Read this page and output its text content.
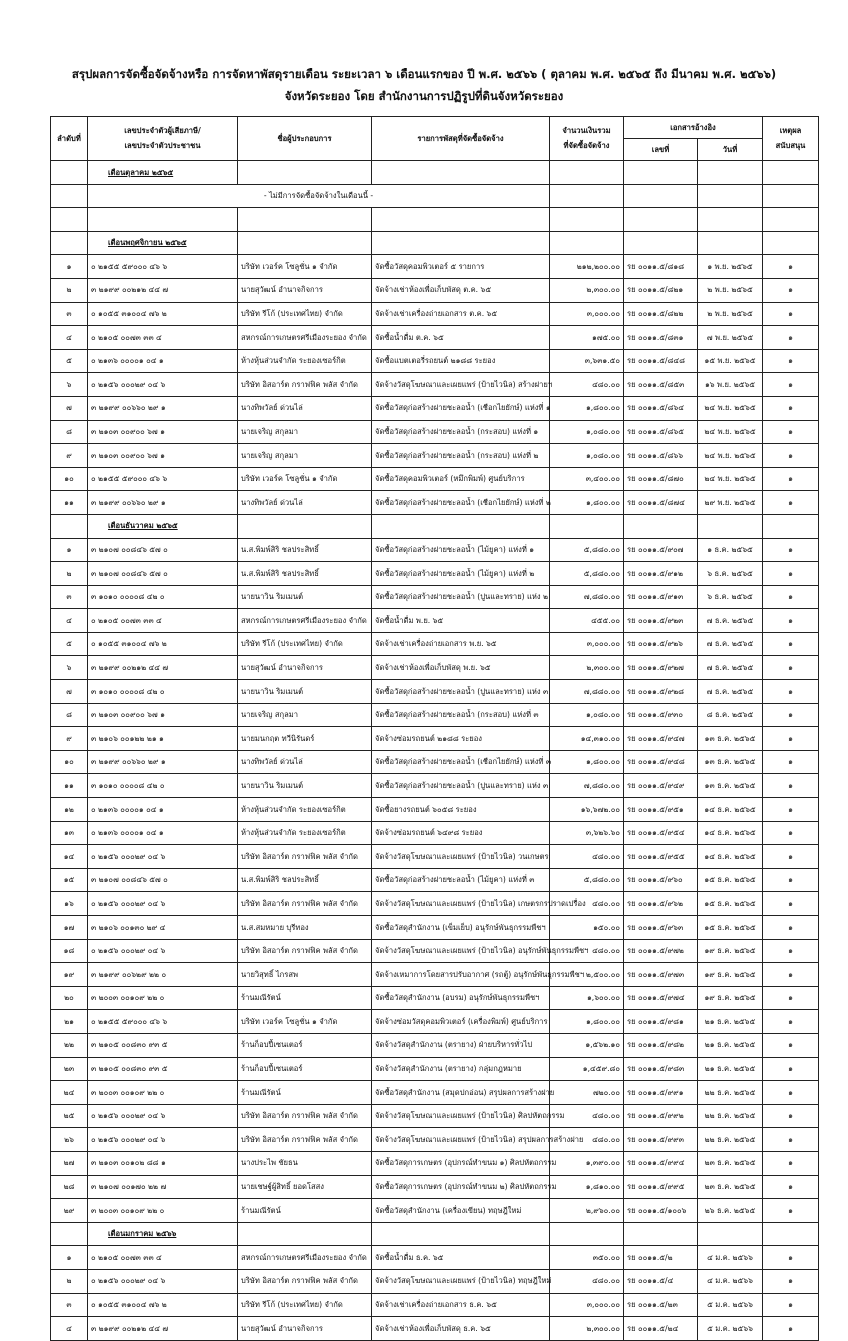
สรุปผลการจัดซื้อจัดจ้างหรือ การจัดหาพัสดุรายเดือน ระยะเวลา ๖ เดือนแรกของ ปี พ.ศ. ๒๕๖๖ ( ตุลาคม พ.ศ. ๒๕๖๕ ถึง มีนาคม พ.ศ. ๒๕๖๖)
จังหวัดระยอง โดย สำนักงานการปฏิรูปที่ดินจังหวัดระยอง
ลำดับที่	เลขประจำตัวผู้เสียภาษี/

เลขประจำตัวประชาชน	ชื่อผู้ประกอบการ	รายการพัสดุที่จัดซื้อจัดจ้าง	จำนวนเงินรวม

ที่จัดซื้อจัดจ้าง	เอกสารอ้างอิง		เหตุผล

สนับสนุน
					เลขที่	วันที่	
	เดือนตุลาคม ๒๕๖๕						
	- ไม่มีการจัดซื้อจัดจ้างในเดือนนี้ -						

	เดือนพฤศจิกายน ๒๕๖๕						
๑	๐ ๒๑๕๕ ๕๙๐๐๐ ๔๖ ๖	บริษัท เวอร์ค โซลูชั่น ๑ จำกัด	จัดซื้อวัสดุคอมพิวเตอร์ ๕ รายการ	๒๑๒,๒๐๐.๐๐	รย ๐๐๑๑.๕/๘๑๘	๑ พ.ย. ๒๕๖๕	๑
๒	๓ ๒๑๙๙ ๐๐๒๑๒ ๔๔ ๗	นายสุวัฒน์ อำนาจกิจการ	จัดจ้างเช่าห้องเพื่อเก็บพัสดุ ต.ค. ๖๕	๒,๓๐๐.๐๐	รย ๐๐๑๑.๕/๘๒๑	๒ พ.ย. ๒๕๖๕	๑
๓	๐ ๑๐๕๕ ๓๑๐๐๔ ๗๖ ๒	บริษัท รีโก้ (ประเทศไทย) จำกัด	จัดจ้างเช่าเครื่องถ่ายเอกสาร ต.ค. ๖๕	๓,๐๐๐.๐๐	รย ๐๐๑๑.๕/๘๒๒	๒ พ.ย. ๒๕๖๕	๑
๔	๐ ๒๑๐๕ ๐๐๗๓ ๓๓ ๔	สหกรณ์การเกษตรศรีเมืองระยอง จำกัด	จัดซื้อน้ำดื่ม ต.ค. ๖๕	๑๗๕.๐๐	รย ๐๐๑๑.๕/๘๓๑	๗ พ.ย. ๒๕๖๕	๑
๕	๐ ๒๑๓๖ ๐๐๐๐๑ ๐๔ ๑	ห้างหุ้นส่วนจำกัด ระยองเซอร์กิต	จัดซื้อแบตเตอรี่รถยนต์ ๒๑๘๘ ระยอง	๓,๖๓๑.๕๐	รย ๐๐๑๑.๕/๘๔๘	๑๕ พ.ย. ๒๕๖๕	๑
๖	๐ ๒๑๕๖ ๐๐๐๒๙ ๐๔ ๖	บริษัท อิสอาร์ต กราฟฟิค พลัส จำกัด	จัดจ้างวัสดุโฆษณาและเผยแพร่ (ป้ายไวนิล) สร้างฝายฯ	๔๘๐.๐๐	รย ๐๐๑๑.๕/๘๕๓	๑๖ พ.ย. ๒๕๖๕	๑
๗	๓ ๒๑๙๙ ๐๐๖๖๐ ๒๙ ๑	นางทิพวัลย์ ด่วนไล่	จัดซื้อวัสดุก่อสร้างฝายชะลอน้ำ (เชือกไยยักษ์) แห่งที่ ๑	๑,๘๐๐.๐๐	รย ๐๐๑๑.๕/๘๖๔	๒๔ พ.ย. ๒๕๖๕	๑
๘	๓ ๒๑๐๓ ๐๐๙๐๐ ๖๗ ๑	นายเจริญ สกุลมา	จัดซื้อวัสดุก่อสร้างฝายชะลอน้ำ (กระสอบ) แห่งที่ ๑	๑,๐๘๐.๐๐	รย ๐๐๑๑.๕/๘๖๕	๒๔ พ.ย. ๒๕๖๕	๑
๙	๓ ๒๑๐๓ ๐๐๙๐๐ ๖๗ ๑	นายเจริญ สกุลมา	จัดซื้อวัสดุก่อสร้างฝายชะลอน้ำ (กระสอบ) แห่งที่ ๒	๑,๐๘๐.๐๐	รย ๐๐๑๑.๕/๘๖๖	๒๔ พ.ย. ๒๕๖๕	๑
๑๐	๐ ๒๑๕๕ ๕๙๐๐๐ ๔๖ ๖	บริษัท เวอร์ค โซลูชั่น ๑ จำกัด	จัดซื้อวัสดุคอมพิวเตอร์ (หมึกพิมพ์) ศูนย์บริการ	๓,๔๐๐.๐๐	รย ๐๐๑๑.๕/๘๗๐	๒๔ พ.ย. ๒๕๖๕	๑
๑๑	๓ ๒๑๙๙ ๐๐๖๖๐ ๒๙ ๑	นางทิพวัลย์ ด่วนไล่	จัดซื้อวัสดุก่อสร้างฝายชะลอน้ำ (เชือกไยยักษ์) แห่งที่ ๒	๑,๘๐๐.๐๐	รย ๐๐๑๑.๕/๘๗๔	๒๙ พ.ย. ๒๕๖๕	๑
	เดือนธันวาคม ๒๕๖๕						
๑	๓ ๒๑๐๗ ๐๐๘๔๖ ๕๗ ๐	น.ส.พิมพ์สิริ ชลประสิทธิ์	จัดซื้อวัสดุก่อสร้างฝายชะลอน้ำ (ไม้ยูคา) แห่งที่ ๑	๕,๘๘๐.๐๐	รย ๐๐๑๑.๕/๙๐๗	๑ ธ.ค. ๒๕๖๕	๑
๒	๓ ๒๑๐๗ ๐๐๘๔๖ ๕๗ ๐	น.ส.พิมพ์สิริ ชลประสิทธิ์	จัดซื้อวัสดุก่อสร้างฝายชะลอน้ำ (ไม้ยูคา) แห่งที่ ๒	๕,๘๘๐.๐๐	รย ๐๐๑๑.๕/๙๑๒	๖ ธ.ค. ๒๕๖๕	๑
๓	๓ ๑๐๑๐ ๐๐๐๐๘ ๔๒ ๐	นายนาวิน ริมเมนต์	จัดซื้อวัสดุก่อสร้างฝายชะลอน้ำ (ปูนและทราย) แห่ง ๒	๗,๘๘๐.๐๐	รย ๐๐๑๑.๕/๙๑๓	๖ ธ.ค. ๒๕๖๕	๑
๔	๐ ๒๑๐๕ ๐๐๗๓ ๓๓ ๔	สหกรณ์การเกษตรศรีเมืองระยอง จำกัด	จัดซื้อน้ำดื่ม พ.ย. ๖๕	๔๕๕.๐๐	รย ๐๐๑๑.๕/๙๒๓	๗ ธ.ค. ๒๕๖๕	๑
๕	๐ ๑๐๕๕ ๓๑๐๐๔ ๗๖ ๒	บริษัท รีโก้ (ประเทศไทย) จำกัด	จัดจ้างเช่าเครื่องถ่ายเอกสาร พ.ย. ๖๕	๓,๐๐๐.๐๐	รย ๐๐๑๑.๕/๙๒๖	๗ ธ.ค. ๒๕๖๕	๑
๖	๓ ๒๑๙๙ ๐๐๒๑๒ ๔๔ ๗	นายสุวัฒน์ อำนาจกิจการ	จัดจ้างเช่าห้องเพื่อเก็บพัสดุ พ.ย. ๖๕	๒,๓๐๐.๐๐	รย ๐๐๑๑.๕/๙๒๗	๗ ธ.ค. ๒๕๖๕	๑
๗	๓ ๑๐๑๐ ๐๐๐๐๘ ๔๒ ๐	นายนาวิน ริมเมนต์	จัดซื้อวัสดุก่อสร้างฝายชะลอน้ำ (ปูนและทราย) แห่ง ๓	๗,๘๘๐.๐๐	รย ๐๐๑๑.๕/๙๒๘	๗ ธ.ค. ๒๕๖๕	๑
๘	๓ ๒๑๐๓ ๐๐๙๐๐ ๖๗ ๑	นายเจริญ สกุลมา	จัดซื้อวัสดุก่อสร้างฝายชะลอน้ำ (กระสอบ) แห่งที่ ๓	๑,๐๘๐.๐๐	รย ๐๐๑๑.๕/๙๓๐	๘ ธ.ค. ๒๕๖๕	๑
๙	๓ ๒๑๐๖ ๐๐๑๒๒ ๒๑ ๑	นายมนกฤต ทวีนิรันดร์	จัดจ้างซ่อมรถยนต์ ๒๑๘๘ ระยอง	๑๔,๓๑๐.๐๐	รย ๐๐๑๑.๕/๙๔๗	๑๓ ธ.ค. ๒๕๖๕	๑
๑๐	๓ ๒๑๙๙ ๐๐๖๖๐ ๒๙ ๑	นางทิพวัลย์ ด่วนไล่	จัดซื้อวัสดุก่อสร้างฝายชะลอน้ำ (เชือกไยยักษ์) แห่งที่ ๓	๑,๘๐๐.๐๐	รย ๐๐๑๑.๕/๙๔๘	๑๓ ธ.ค. ๒๕๖๕	๑
๑๑	๓ ๑๐๑๐ ๐๐๐๐๘ ๔๒ ๐	นายนาวิน ริมเมนต์	จัดซื้อวัสดุก่อสร้างฝายชะลอน้ำ (ปูนและทราย) แห่ง ๓	๗,๘๘๐.๐๐	รย ๐๐๑๑.๕/๙๔๙	๑๓ ธ.ค. ๒๕๖๕	๑
๑๒	๐ ๒๑๓๖ ๐๐๐๐๑ ๐๔ ๑	ห้างหุ้นส่วนจำกัด ระยองเซอร์กิต	จัดซื้อยางรถยนต์ ๖๐๕๘ ระยอง	๑๖,๖๗๒.๐๐	รย ๐๐๑๑.๕/๙๕๑	๑๔ ธ.ค. ๒๕๖๕	๑
๑๓	๐ ๒๑๓๖ ๐๐๐๐๑ ๐๔ ๑	ห้างหุ้นส่วนจำกัด ระยองเซอร์กิต	จัดจ้างซ่อมรถยนต์ ๖๔๙๘ ระยอง	๓,๖๒๖.๖๐	รย ๐๐๑๑.๕/๙๕๔	๑๔ ธ.ค. ๒๕๖๕	๑
๑๔	๐ ๒๑๕๖ ๐๐๐๒๙ ๐๔ ๖	บริษัท อิสอาร์ต กราฟฟิค พลัส จำกัด	จัดจ้างวัสดุโฆษณาและเผยแพร่ (ป้ายไวนิล) วนเกษตร	๔๘๐.๐๐	รย ๐๐๑๑.๕/๙๕๕	๑๔ ธ.ค. ๒๕๖๕	๑
๑๕	๓ ๒๑๐๗ ๐๐๘๔๖ ๕๗ ๐	น.ส.พิมพ์สิริ ชลประสิทธิ์	จัดซื้อวัสดุก่อสร้างฝายชะลอน้ำ (ไม้ยูคา) แห่งที่ ๓	๕,๘๘๐.๐๐	รย ๐๐๑๑.๕/๙๖๐	๑๕ ธ.ค. ๒๕๖๕	๑
๑๖	๐ ๒๑๕๖ ๐๐๐๒๙ ๐๔ ๖	บริษัท อิสอาร์ต กราฟฟิค พลัส จำกัด	จัดจ้างวัสดุโฆษณาและเผยแพร่ (ป้ายไวนิล) เกษตรกรปราดเปรื่อง	๔๘๐.๐๐	รย ๐๐๑๑.๕/๙๖๒	๑๕ ธ.ค. ๒๕๖๕	๑
๑๗	๓ ๒๑๐๖ ๐๐๑๓๐ ๒๙ ๔	น.ส.สมหมาย บุรีทอง	จัดซื้อวัสดุสำนักงาน (เข็มเย็บ) อนุรักษ์พันธุกรรมพืชฯ	๑๕๐.๐๐	รย ๐๐๑๑.๕/๙๖๓	๑๕ ธ.ค. ๒๕๖๕	๑
๑๘	๐ ๒๑๕๖ ๐๐๐๒๙ ๐๔ ๖	บริษัท อิสอาร์ต กราฟฟิค พลัส จำกัด	จัดจ้างวัสดุโฆษณาและเผยแพร่ (ป้ายไวนิล) อนุรักษ์พันธุกรรมพืชฯ	๔๘๐.๐๐	รย ๐๐๑๑.๕/๙๗๒	๑๙ ธ.ค. ๒๕๖๕	๑
๑๙	๓ ๒๑๙๙ ๐๐๖๒๙ ๒๒ ๐	นายวิสุทธิ์ ไกรสพ	จัดจ้างเหมาการโดยสารปรับอากาศ (รถตู้) อนุรักษ์พันธุกรรมพืชฯ	๒,๕๐๐.๐๐	รย ๐๐๑๑.๕/๙๗๓	๑๙ ธ.ค. ๒๕๖๕	๑
๒๐	๓ ๒๐๐๓ ๐๐๑๐๙ ๒๒ ๐	ร้านมณีรัตน์	จัดซื้อวัสดุสำนักงาน (อบรม) อนุรักษ์พันธุกรรมพืชฯ	๑,๖๐๐.๐๐	รย ๐๐๑๑.๕/๙๗๔	๑๙ ธ.ค. ๒๕๖๕	๑
๒๑	๐ ๒๑๕๕ ๕๙๐๐๐ ๔๖ ๖	บริษัท เวอร์ค โซลูชั่น ๑ จำกัด	จัดจ้างซ่อมวัสดุคอมพิวเตอร์ (เครื่องพิมพ์) ศูนย์บริการ	๑,๘๐๐.๐๐	รย ๐๐๑๑.๕/๙๘๑	๒๑ ธ.ค. ๒๕๖๕	๑
๒๒	๓ ๒๑๐๕ ๐๐๘๓๐ ๙๓ ๕	ร้านก็อบปี้เซนเตอร์	จัดจ้างวัสดุสำนักงาน (ตรายาง) ฝ่ายบริหารทั่วไป	๑,๕๖๒.๑๐	รย ๐๐๑๑.๕/๙๘๒	๒๑ ธ.ค. ๒๕๖๕	๑
๒๓	๓ ๒๑๐๕ ๐๐๘๓๐ ๙๓ ๕	ร้านก็อบปี้เซนเตอร์	จัดจ้างวัสดุสำนักงาน (ตรายาง) กลุ่มกฎหมาย	๑,๔๕๙.๘๐	รย ๐๐๑๑.๕/๙๘๓	๒๑ ธ.ค. ๒๕๖๕	๑
๒๔	๓ ๒๐๐๓ ๐๐๑๐๙ ๒๒ ๐	ร้านมณีรัตน์	จัดซื้อวัสดุสำนักงาน (สมุดปกอ่อน) สรุปผลการสร้างฝาย	๗๒๐.๐๐	รย ๐๐๑๑.๕/๙๙๑	๒๒ ธ.ค. ๒๕๖๕	๑
๒๕	๐ ๒๑๕๖ ๐๐๐๒๙ ๐๔ ๖	บริษัท อิสอาร์ต กราฟฟิค พลัส จำกัด	จัดจ้างวัสดุโฆษณาและเผยแพร่ (ป้ายไวนิล) ศิลปหัตถกรรม	๔๘๐.๐๐	รย ๐๐๑๑.๕/๙๙๒	๒๒ ธ.ค. ๒๕๖๕	๑
๒๖	๐ ๒๑๕๖ ๐๐๐๒๙ ๐๔ ๖	บริษัท อิสอาร์ต กราฟฟิค พลัส จำกัด	จัดจ้างวัสดุโฆษณาและเผยแพร่ (ป้ายไวนิล) สรุปผลการสร้างฝาย	๔๘๐.๐๐	รย ๐๐๑๑.๕/๙๙๓	๒๒ ธ.ค. ๒๕๖๕	๑
๒๗	๓ ๒๑๐๓ ๐๐๑๐๒ ๘๘ ๑	นางประไพ ชัยธน	จัดซื้อวัสดุการเกษตร (อุปกรณ์ทำขนม ๑) ศิลปหัตถกรรม	๑,๓๙๐.๐๐	รย ๐๐๑๑.๕/๙๙๔	๒๓ ธ.ค. ๒๕๖๕	๑
๒๘	๓ ๒๑๐๗ ๐๐๑๗๐ ๒๒ ๗	นายเชษฐ์ผู้สิทธิ์ ยอดโสสง	จัดซื้อวัสดุการเกษตร (อุปกรณ์ทำขนม ๒) ศิลปหัตถกรรม	๑,๘๑๐.๐๐	รย ๐๐๑๑.๕/๙๙๕	๒๓ ธ.ค. ๒๕๖๕	๑
๒๙	๓ ๒๐๐๓ ๐๐๑๐๙ ๒๒ ๐	ร้านมณีรัตน์	จัดซื้อวัสดุสำนักงาน (เครื่องเขียน) ทฤษฎีใหม่	๒,๙๖๐.๐๐	รย ๐๐๑๑.๕/๑๐๐๖	๒๖ ธ.ค. ๒๕๖๕	๑
	เดือนมกราคม ๒๕๖๖						
๑	๐ ๒๑๐๕ ๐๐๗๓ ๓๓ ๔	สหกรณ์การเกษตรศรีเมืองระยอง จำกัด	จัดซื้อน้ำดื่ม ธ.ค. ๖๕	๓๕๐.๐๐	รย ๐๐๑๑.๕/๒	๔ ม.ค. ๒๕๖๖	๑
๒	๐ ๒๑๕๖ ๐๐๐๒๙ ๐๔ ๖	บริษัท อิสอาร์ต กราฟฟิค พลัส จำกัด	จัดจ้างวัสดุโฆษณาและเผยแพร่ (ป้ายไวนิล) ทฤษฎีใหม่	๔๘๐.๐๐	รย ๐๐๑๑.๕/๔	๔ ม.ค. ๒๕๖๖	๑
๓	๐ ๑๐๕๕ ๓๑๐๐๔ ๗๖ ๒	บริษัท รีโก้ (ประเทศไทย) จำกัด	จัดจ้างเช่าเครื่องถ่ายเอกสาร ธ.ค. ๖๕	๓,๐๐๐.๐๐	รย ๐๐๑๑.๕/๒๓	๕ ม.ค. ๒๕๖๖	๑
๔	๓ ๒๑๙๙ ๐๐๒๑๒ ๔๔ ๗	นายสุวัฒน์ อำนาจกิจการ	จัดจ้างเช่าห้องเพื่อเก็บพัสดุ ธ.ค. ๖๕	๒,๓๐๐.๐๐	รย ๐๐๑๑.๕/๒๔	๕ ม.ค. ๒๕๖๖	๑
